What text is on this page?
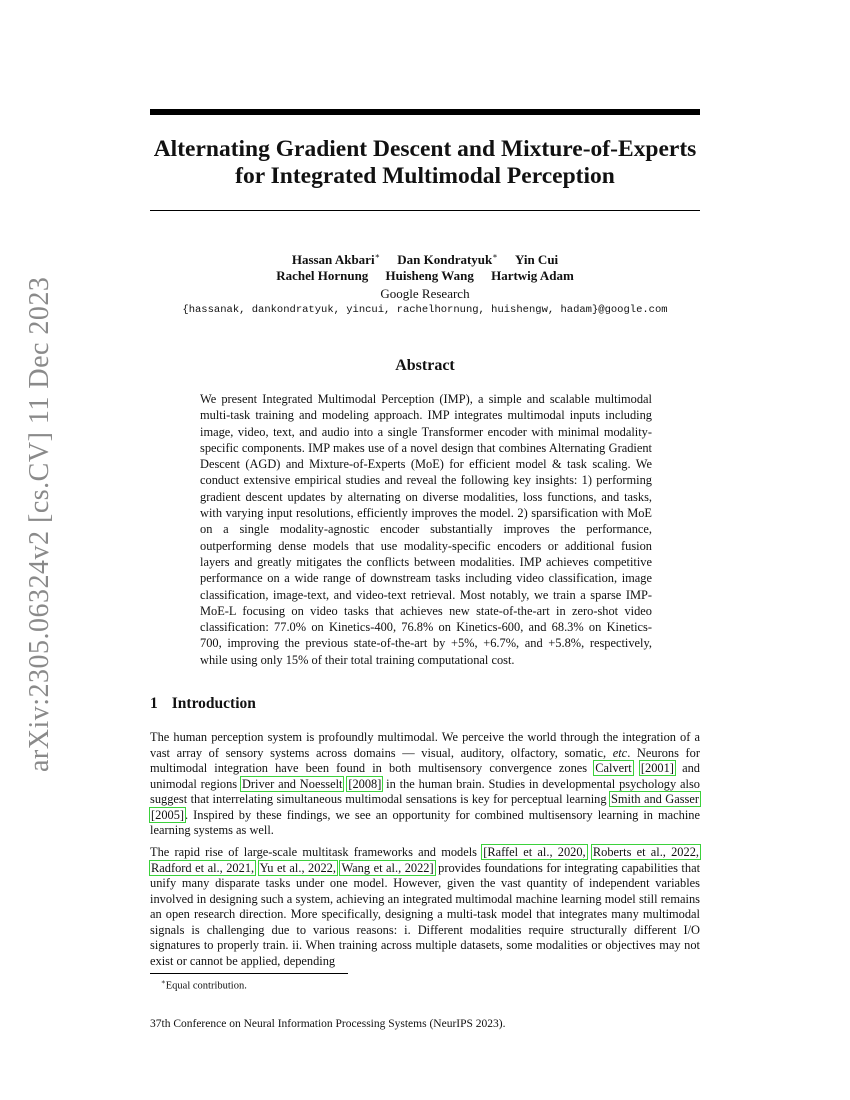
arXiv:2305.06324v2 [cs.CV] 11 Dec 2023
Alternating Gradient Descent and Mixture-of-Experts
for Integrated Multimodal Perception
Hassan Akbari∗ Dan Kondratyuk∗ Yin Cui
Rachel Hornung Huisheng Wang Hartwig Adam
Google Research
{hassanak, dankondratyuk, yincui, rachelhornung, huishengw, hadam}@google.com
Abstract

We present Integrated Multimodal Perception (IMP), a simple and scalable multimodal multi-task training and modeling approach. IMP integrates multimodal inputs including image, video, text, and audio into a single Transformer encoder with minimal modality-specific components. IMP makes use of a novel design that combines Alternating Gradient Descent (AGD) and Mixture-of-Experts (MoE) for efficient model & task scaling. We conduct extensive empirical studies and reveal the following key insights: 1) performing gradient descent updates by alternating on diverse modalities, loss functions, and tasks, with varying input resolutions, efficiently improves the model. 2) sparsification with MoE on a single modality-agnostic encoder substantially improves the performance, outperforming dense models that use modality-specific encoders or additional fusion layers and greatly mitigates the conflicts between modalities. IMP achieves competitive performance on a wide range of downstream tasks including video classification, image classification, image-text, and video-text retrieval. Most notably, we train a sparse IMP-MoE-L focusing on video tasks that achieves new state-of-the-art in zero-shot video classification: 77.0% on Kinetics-400, 76.8% on Kinetics-600, and 68.3% on Kinetics-700, improving the previous state-of-the-art by +5%, +6.7%, and +5.8%, respectively, while using only 15% of their total training computational cost.

1 Introduction

The human perception system is profoundly multimodal. We perceive the world through the integration of a vast array of sensory systems across domains — visual, auditory, olfactory, somatic, etc. Neurons for multimodal integration have been found in both multisensory convergence zones Calvert [2001] and unimodal regions Driver and Noesselt [2008] in the human brain. Studies in developmental psychology also suggest that interrelating simultaneous multimodal sensations is key for perceptual learning Smith and Gasser [2005]. Inspired by these findings, we see an opportunity for combined multisensory learning in machine learning systems as well.

The rapid rise of large-scale multitask frameworks and models [Raffel et al., 2020, Roberts et al., 2022, Radford et al., 2021, Yu et al., 2022, Wang et al., 2022] provides foundations for integrating capabilities that unify many disparate tasks under one model. However, given the vast quantity of independent variables involved in designing such a system, achieving an integrated multimodal machine learning model still remains an open research direction. More specifically, designing a multi-task model that integrates many multimodal signals is challenging due to various reasons: i. Different modalities require structurally different I/O signatures to properly train. ii. When training across multiple datasets, some modalities or objectives may not exist or cannot be applied, depending

∗Equal contribution.
37th Conference on Neural Information Processing Systems (NeurIPS 2023).
